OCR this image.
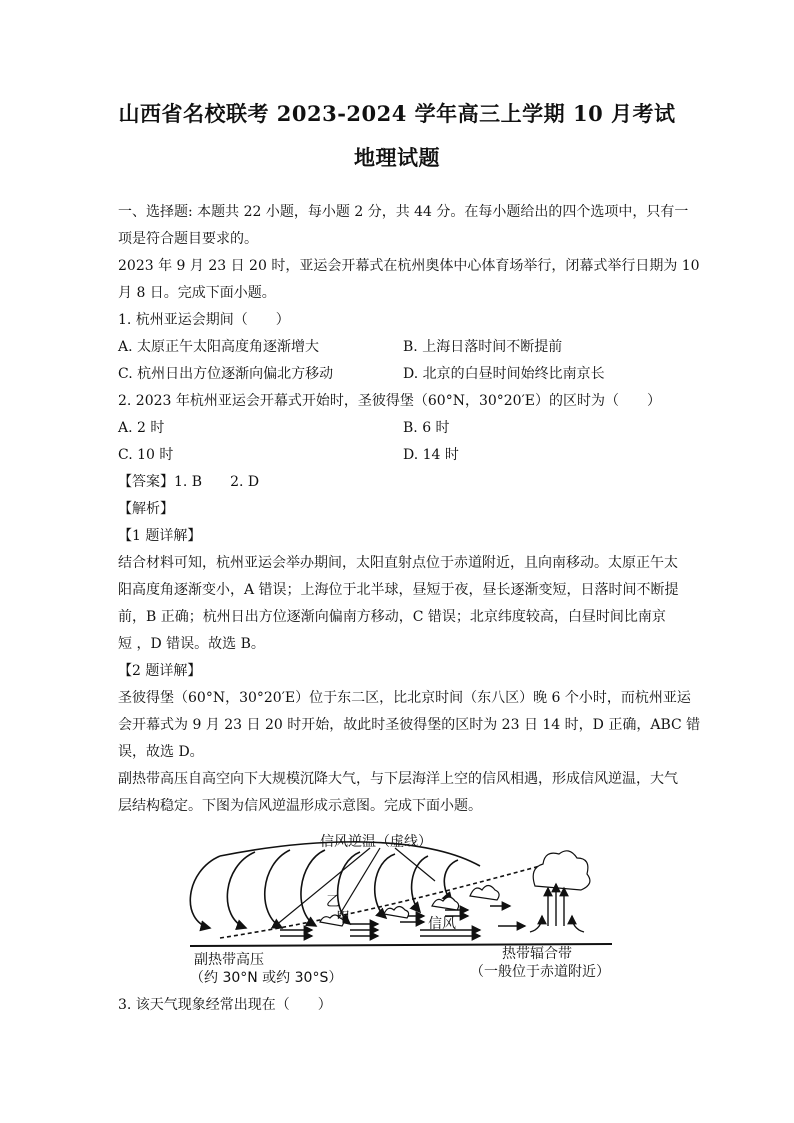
山西省名校联考 2023-2024 学年高三上学期 10 月考试
地理试题
一、选择题: 本题共 22 小题，每小题 2 分，共 44 分。在每小题给出的四个选项中，只有一
项是符合题目要求的。
2023 年 9 月 23 日 20 时，亚运会开幕式在杭州奥体中心体育场举行，闭幕式举行日期为 10
月 8 日。完成下面小题。
1. 杭州亚运会期间（　　）
A. 太原正午太阳高度角逐渐增大	B. 上海日落时间不断提前
C. 杭州日出方位逐渐向偏北方移动	D. 北京的白昼时间始终比南京长
2. 2023 年杭州亚运会开幕式开始时，圣彼得堡（60°N，30°20′E）的区时为（　　）
A. 2 时	B. 6 时
C. 10 时	D. 14 时
【答案】1. B　　2. D
【解析】
【1 题详解】
结合材料可知，杭州亚运会举办期间，太阳直射点位于赤道附近，且向南移动。太原正午太
阳高度角逐渐变小，A 错误；上海位于北半球，昼短于夜，昼长逐渐变短，日落时间不断提
前，B 正确；杭州日出方位逐渐向偏南方移动，C 错误；北京纬度较高，白昼时间比南京
短 ，D 错误。故选 B。
【2 题详解】
圣彼得堡（60°N，30°20′E）位于东二区，比北京时间（东八区）晚 6 个小时，而杭州亚运
会开幕式为 9 月 23 日 20 时开始，故此时圣彼得堡的区时为 23 日 14 时，D 正确，ABC 错
误，故选 D。
副热带高压自高空向下大规模沉降大气，与下层海洋上空的信风相遇，形成信风逆温，大气
层结构稳定。下图为信风逆温形成示意图。完成下面小题。
信风逆温（虚线）
乙
甲	信风
副热带高压
（约 30°N 或约 30°S）
热带辐合带
（一般位于赤道附近）
3. 该天气现象经常出现在（　　）
